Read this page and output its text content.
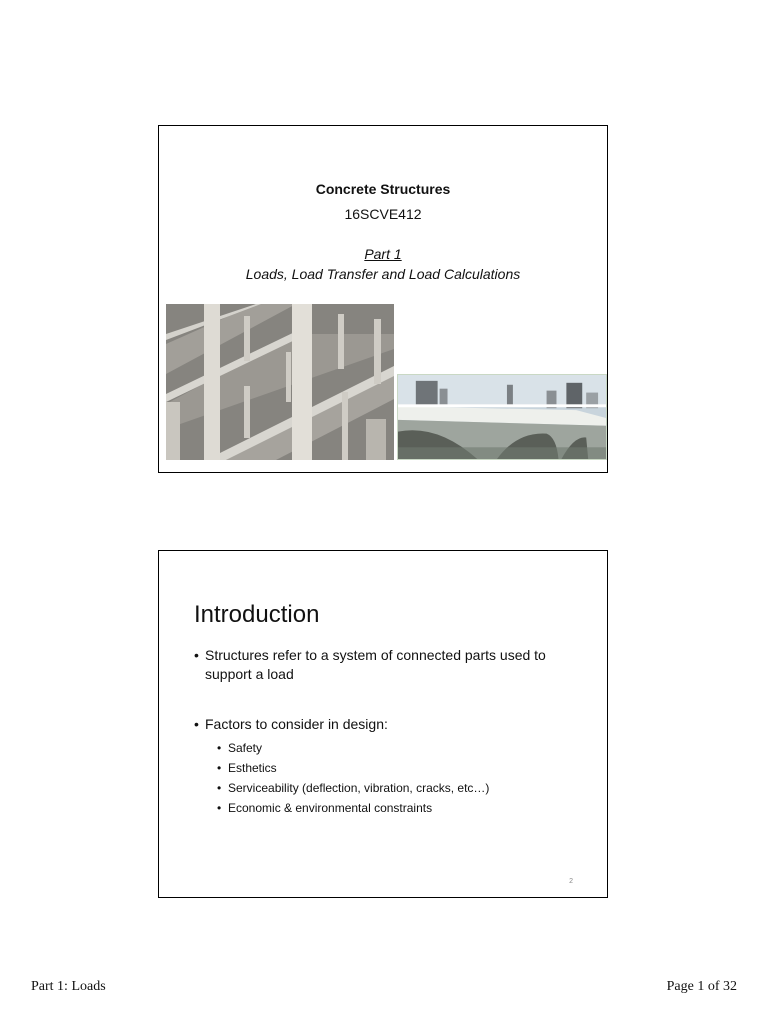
Concrete Structures
16SCVE412
Part 1
Loads, Load Transfer and Load Calculations
Introduction
• Structures refer to a system of connected parts used to support a load
• Factors to consider in design:
• Safety
• Esthetics
• Serviceability (deflection, vibration, cracks, etc…)
• Economic & environmental constraints
2
Part 1: Loads	Page 1 of 32
